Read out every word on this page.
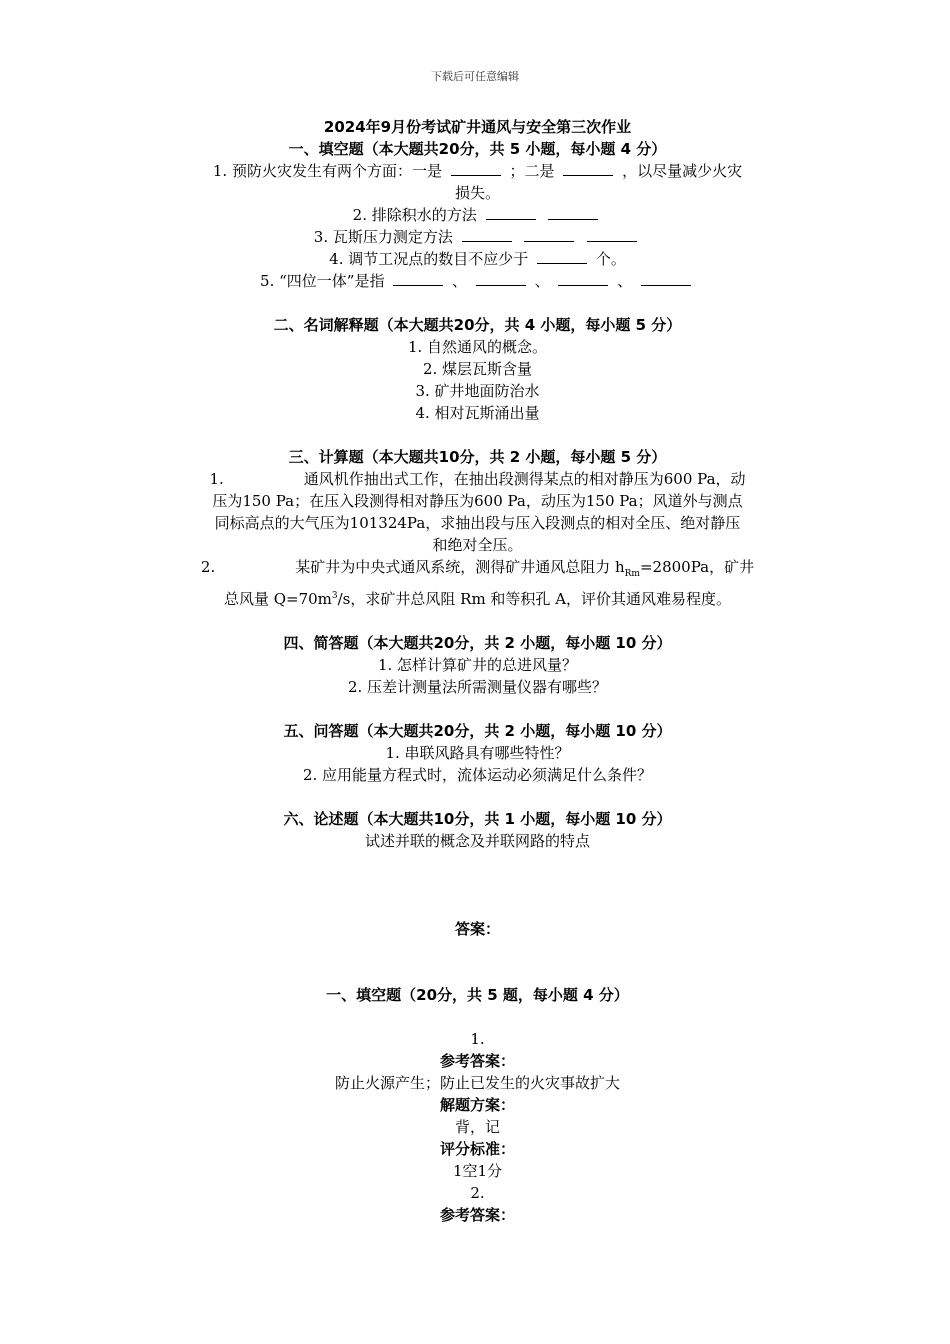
下载后可任意编辑

2024年9月份考试矿井通风与安全第三次作业

一、填空题（本大题共20分，共 5 小题，每小题 4 分）

1. 预防火灾发生有两个方面：一是	；二是	，以尽量减少火灾

损失。

2. 排除积水的方法

3. 瓦斯压力测定方法

4. 调节工况点的数目不应少于	个。

5. “四位一体”是指	、	、	、

二、名词解释题（本大题共20分，共 4 小题，每小题 5 分）

1. 自然通风的概念。

2. 煤层瓦斯含量

3. 矿井地面防治水

4. 相对瓦斯涌出量

三、计算题（本大题共10分，共 2 小题，每小题 5 分）

1.	通风机作抽出式工作，在抽出段测得某点的相对静压为600 Pa，动

压为150 Pa；在压入段测得相对静压为600 Pa，动压为150 Pa；风道外与测点

同标高点的大气压为101324Pa，求抽出段与压入段测点的相对全压、绝对静压

和绝对全压。

2.	某矿井为中央式通风系统，测得矿井通风总阻力 $h_{Rm}=2800Pa$，矿井

总风量 $Q=70m^3/s$，求矿井总风阻 Rm 和等积孔 A，评价其通风难易程度。

四、简答题（本大题共20分，共 2 小题，每小题 10 分）

1. 怎样计算矿井的总进风量？

2. 压差计测量法所需测量仪器有哪些？

五、问答题（本大题共20分，共 2 小题，每小题 10 分）

1. 串联风路具有哪些特性？

2. 应用能量方程式时，流体运动必须满足什么条件？

六、论述题（本大题共10分，共 1 小题，每小题 10 分）

试述并联的概念及并联网路的特点

答案：

一、填空题（20分，共 5 题，每小题 4 分）

1.

参考答案：

防止火源产生；防止已发生的火灾事故扩大

解题方案：

背，记

评分标准：

1空1分

2.

参考答案：
